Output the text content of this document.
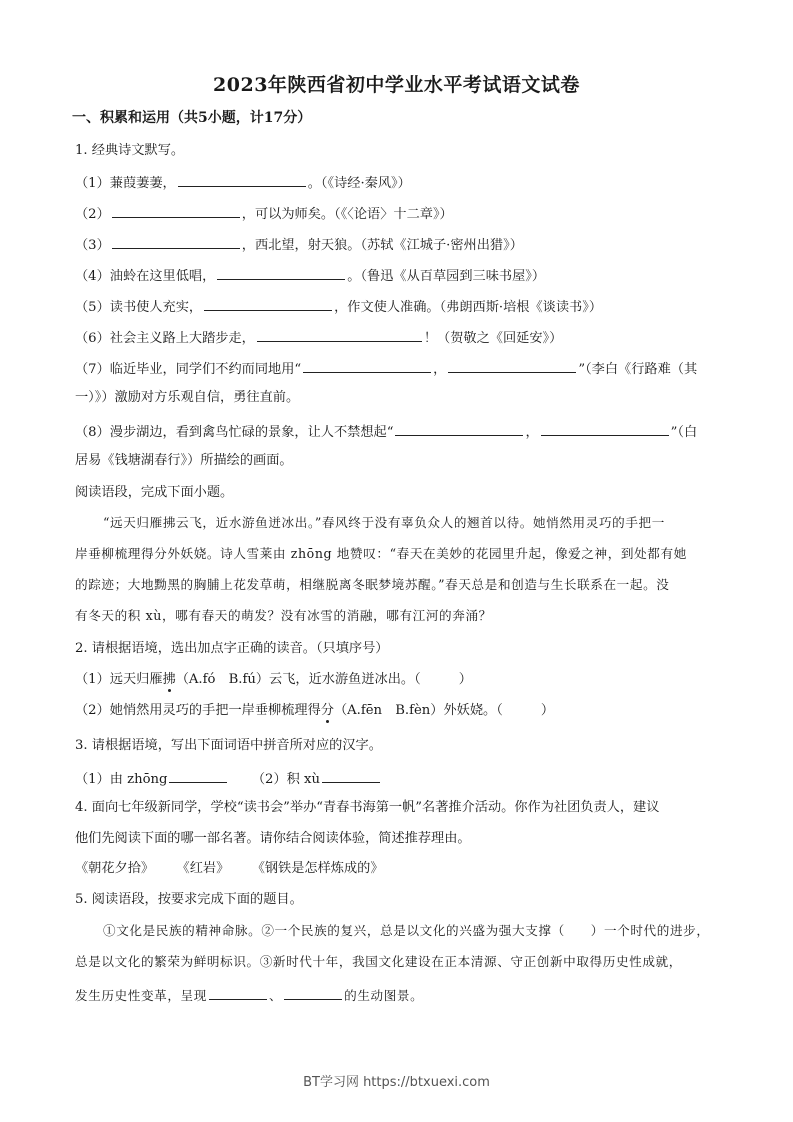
2023年陕西省初中学业水平考试语文试卷
一、积累和运用（共5小题，计17分）
1. 经典诗文默写。
（1）蒹葭萋萋，	。（《诗经·秦风》）
（2）	，可以为师矣。（《〈论语〉十二章》）
（3）	，西北望，射天狼。（苏轼《江城子·密州出猎》）
（4）油蛉在这里低唱，	。（鲁迅《从百草园到三味书屋》）
（5）读书使人充实，	，作文使人准确。（弗朗西斯·培根《谈读书》）
（6）社会主义路上大踏步走，	！（贺敬之《回延安》）
（7）临近毕业，同学们不约而同地用“	，	”（李白《行路难（其
一）》）激励对方乐观自信，勇往直前。
（8）漫步湖边，看到禽鸟忙碌的景象，让人不禁想起“	，	”（白
居易《钱塘湖春行》）所描绘的画面。
阅读语段，完成下面小题。
“远天归雁拂云飞，近水游鱼迸冰出。”春风终于没有辜负众人的翘首以待。她悄然用灵巧的手把一
岸垂柳梳理得分外妖娆。诗人雪莱由 zhōng 地赞叹：“春天在美妙的花园里升起，像爱之神，到处都有她
的踪迹；大地黝黑的胸脯上花发草萌，相继脱离冬眠梦境苏醒。”春天总是和创造与生长联系在一起。没
有冬天的积 xù，哪有春天的萌发？没有冰雪的消融，哪有江河的奔涌？
2. 请根据语境，选出加点字正确的读音。（只填序号）
（1）远天归雁拂（A.fó　B.fú）云飞，近水游鱼迸冰出。（	）
（2）她悄然用灵巧的手把一岸垂柳梳理得分（A.fēn　B.fèn）外妖娆。（	）
3. 请根据语境，写出下面词语中拼音所对应的汉字。
（1）由 zhōng	（2）积 xù
4. 面向七年级新同学，学校“读书会”举办“青春书海第一帆”名著推介活动。你作为社团负责人，建议
他们先阅读下面的哪一部名著。请你结合阅读体验，简述推荐理由。
《朝花夕拾》 《红岩》 《钢铁是怎样炼成的》
5. 阅读语段，按要求完成下面的题目。
①文化是民族的精神命脉。②一个民族的复兴，总是以文化的兴盛为强大支撑（ ）一个时代的进步，
总是以文化的繁荣为鲜明标识。③新时代十年，我国文化建设在正本清源、守正创新中取得历史性成就，
发生历史性变革，呈现	、	的生动图景。
BT学习网 https://btxuexi.com
